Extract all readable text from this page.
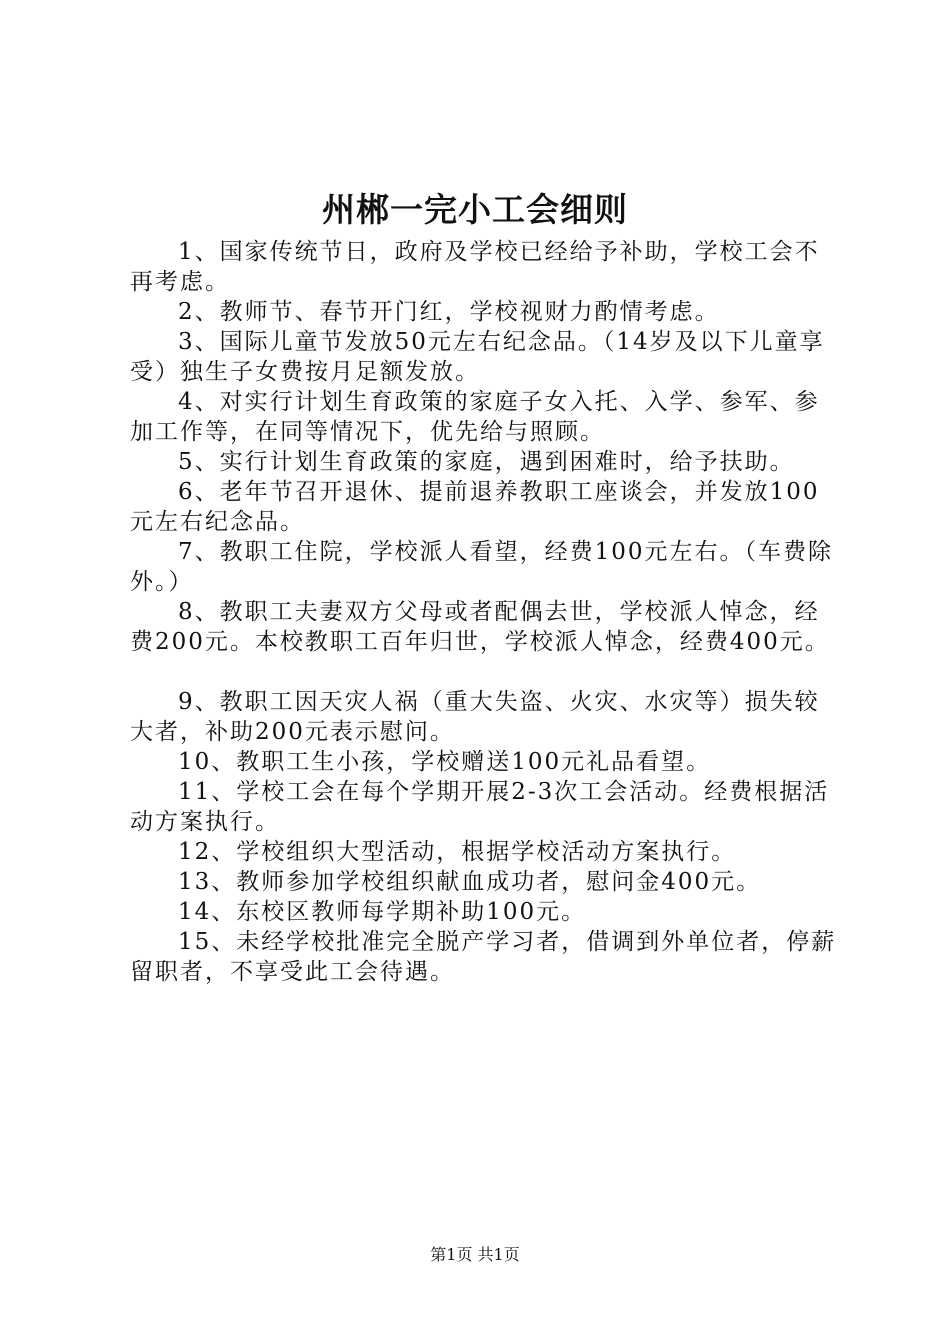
州郴一完小工会细则

1、国家传统节日，政府及学校已经给予补助，学校工会不再考虑。

2、教师节、春节开门红，学校视财力酌情考虑。

3、国际儿童节发放50元左右纪念品。（14岁及以下儿童享受）独生子女费按月足额发放。

4、对实行计划生育政策的家庭子女入托、入学、参军、参加工作等，在同等情况下，优先给与照顾。

5、实行计划生育政策的家庭，遇到困难时，给予扶助。

6、老年节召开退休、提前退养教职工座谈会，并发放100元左右纪念品。

7、教职工住院，学校派人看望，经费100元左右。（车费除外。）

8、教职工夫妻双方父母或者配偶去世，学校派人悼念，经费200元。本校教职工百年归世，学校派人悼念，经费400元。

9、教职工因天灾人祸（重大失盗、火灾、水灾等）损失较大者，补助200元表示慰问。

10、教职工生小孩，学校赠送100元礼品看望。

11、学校工会在每个学期开展2-3次工会活动。经费根据活动方案执行。

12、学校组织大型活动，根据学校活动方案执行。

13、教师参加学校组织献血成功者，慰问金400元。

14、东校区教师每学期补助100元。

15、未经学校批准完全脱产学习者，借调到外单位者，停薪留职者，不享受此工会待遇。

第1页 共1页
